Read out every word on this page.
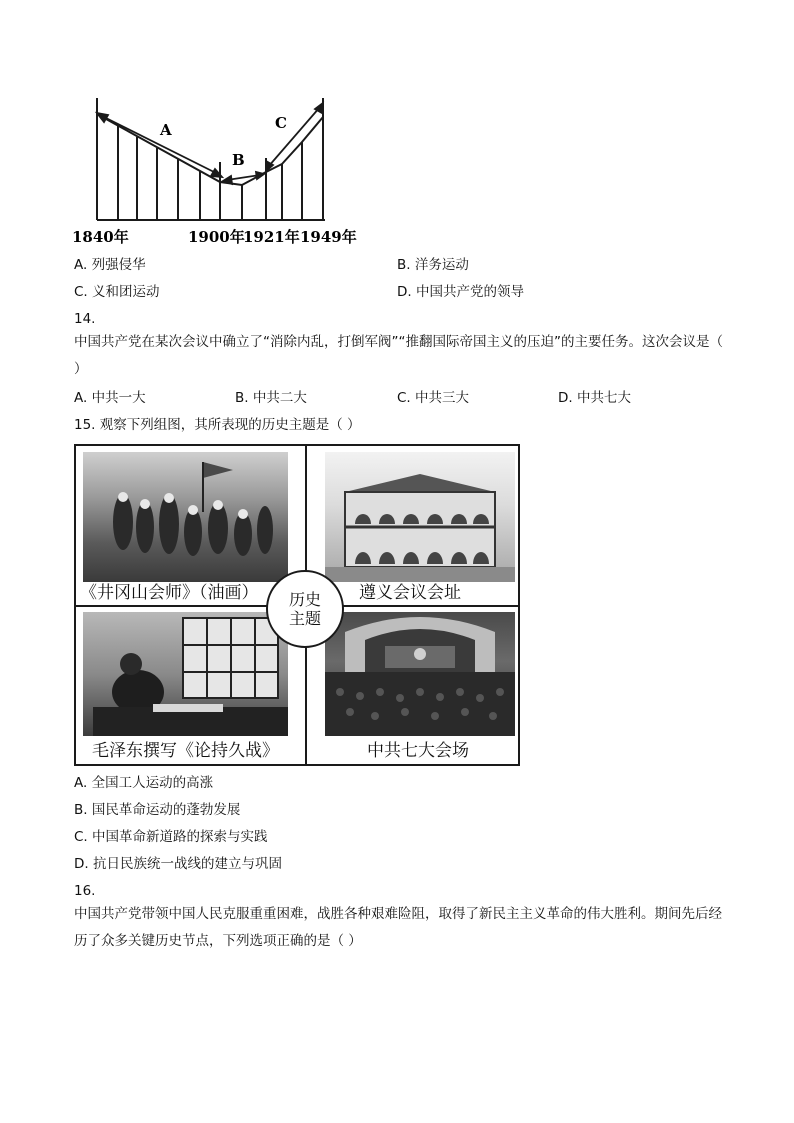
A
B
C
1840年	1900年
1921年 1949年
A. 列强侵华	B. 洋务运动
C. 义和团运动	D. 中国共产党的领导
14.
中国共产党在某次会议中确立了“消除内乱，打倒军阀”“推翻国际帝国主义的压迫”的主要任务。这次会议是（ ）
A. 中共一大	B. 中共二大	C. 中共三大	D. 中共七大
15. 观察下列组图，其所表现的历史主题是（ ）
《井冈山会师》（油画）	遵义会议会址
毛泽东撰写《论持久战》	中共七大会场
历史
主题
A. 全国工人运动的高涨
B. 国民革命运动的蓬勃发展
C. 中国革命新道路的探索与实践
D. 抗日民族统一战线的建立与巩固
16.
中国共产党带领中国人民克服重重困难，战胜各种艰难险阻，取得了新民主主义革命的伟大胜利。期间先后经历了众多关键历史节点，下列选项正确的是（ ）
